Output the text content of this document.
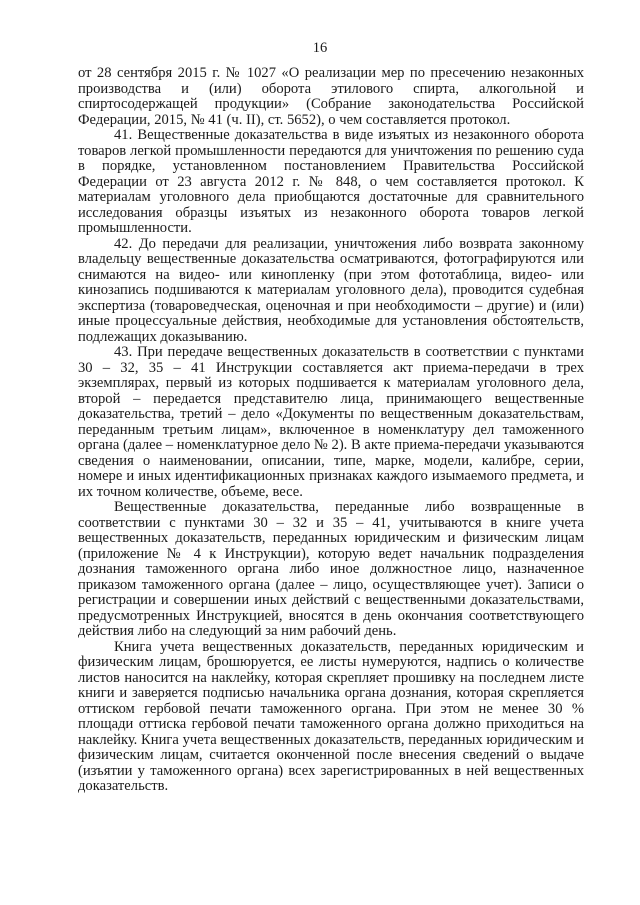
16

от 28 сентября 2015 г. № 1027 «О реализации мер по пресечению незаконных производства и (или) оборота этилового спирта, алкогольной и спиртосодержащей продукции» (Собрание законодательства Российской Федерации, 2015, № 41 (ч. II), ст. 5652), о чем составляется протокол.

41. Вещественные доказательства в виде изъятых из незаконного оборота товаров легкой промышленности передаются для уничтожения по решению суда в порядке, установленном постановлением Правительства Российской Федерации от 23 августа 2012 г. № 848, о чем составляется протокол. К материалам уголовного дела приобщаются достаточные для сравнительного исследования образцы изъятых из незаконного оборота товаров легкой промышленности.

42. До передачи для реализации, уничтожения либо возврата законному владельцу вещественные доказательства осматриваются, фотографируются или снимаются на видео- или кинопленку (при этом фототаблица, видео- или кинозапись подшиваются к материалам уголовного дела), проводится судебная экспертиза (товароведческая, оценочная и при необходимости – другие) и (или) иные процессуальные действия, необходимые для установления обстоятельств, подлежащих доказыванию.

43. При передаче вещественных доказательств в соответствии с пунктами 30 – 32, 35 – 41 Инструкции составляется акт приема-передачи в трех экземплярах, первый из которых подшивается к материалам уголовного дела, второй – передается представителю лица, принимающего вещественные доказательства, третий – дело «Документы по вещественным доказательствам, переданным третьим лицам», включенное в номенклатуру дел таможенного органа (далее – номенклатурное дело № 2). В акте приема-передачи указываются сведения о наименовании, описании, типе, марке, модели, калибре, серии, номере и иных идентификационных признаках каждого изымаемого предмета, и их точном количестве, объеме, весе.

Вещественные доказательства, переданные либо возвращенные в соответствии с пунктами 30 – 32 и 35 – 41, учитываются в книге учета вещественных доказательств, переданных юридическим и физическим лицам (приложение № 4 к Инструкции), которую ведет начальник подразделения дознания таможенного органа либо иное должностное лицо, назначенное приказом таможенного органа (далее – лицо, осуществляющее учет). Записи о регистрации и совершении иных действий с вещественными доказательствами, предусмотренных Инструкцией, вносятся в день окончания соответствующего действия либо на следующий за ним рабочий день.

Книга учета вещественных доказательств, переданных юридическим и физическим лицам, брошюруется, ее листы нумеруются, надпись о количестве листов наносится на наклейку, которая скрепляет прошивку на последнем листе книги и заверяется подписью начальника органа дознания, которая скрепляется оттиском гербовой печати таможенного органа. При этом не менее 30 % площади оттиска гербовой печати таможенного органа должно приходиться на наклейку. Книга учета вещественных доказательств, переданных юридическим и физическим лицам, считается оконченной после внесения сведений о выдаче (изъятии у таможенного органа) всех зарегистрированных в ней вещественных доказательств.
